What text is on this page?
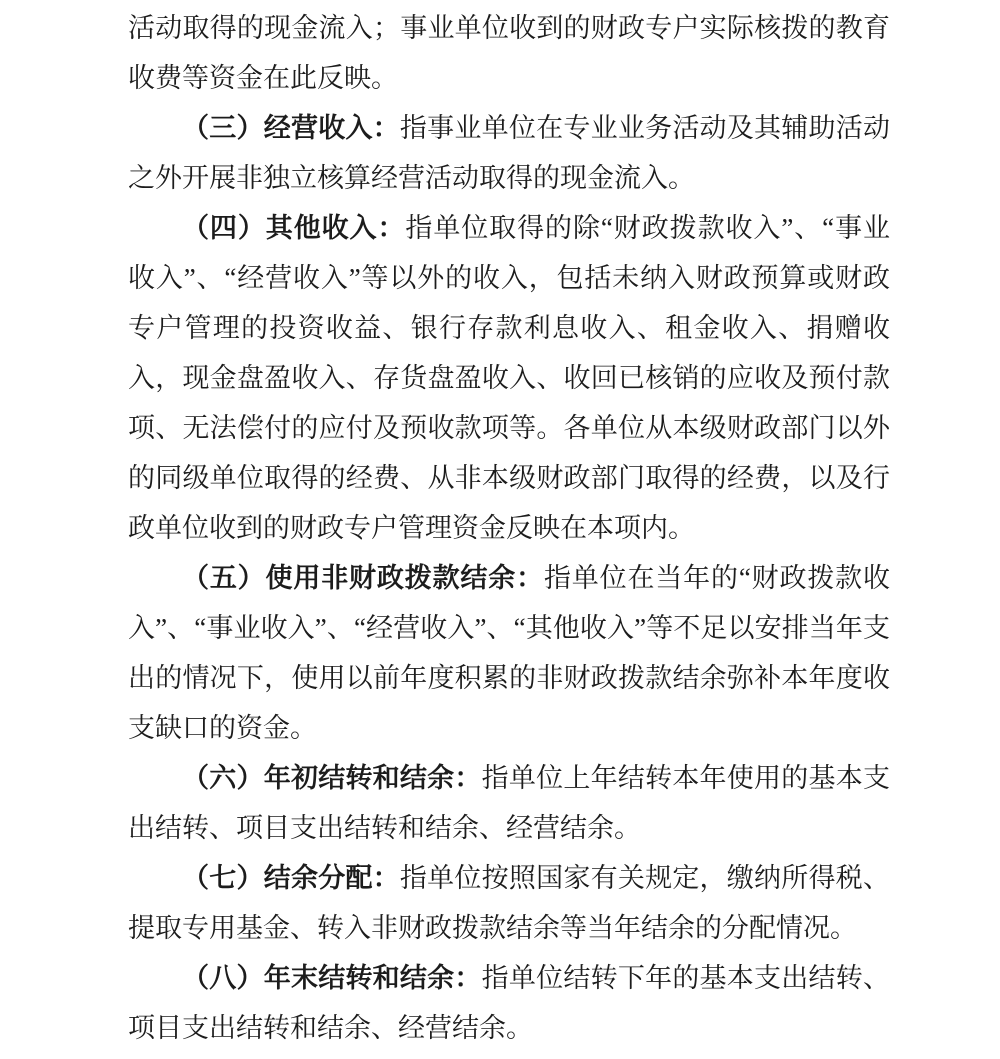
活动取得的现金流入；事业单位收到的财政专户实际核拨的教育收费等资金在此反映。

（三）经营收入：指事业单位在专业业务活动及其辅助活动之外开展非独立核算经营活动取得的现金流入。

（四）其他收入：指单位取得的除“财政拨款收入”、“事业收入”、“经营收入”等以外的收入，包括未纳入财政预算或财政专户管理的投资收益、银行存款利息收入、租金收入、捐赠收入，现金盘盈收入、存货盘盈收入、收回已核销的应收及预付款项、无法偿付的应付及预收款项等。各单位从本级财政部门以外的同级单位取得的经费、从非本级财政部门取得的经费，以及行政单位收到的财政专户管理资金反映在本项内。

（五）使用非财政拨款结余：指单位在当年的“财政拨款收入”、“事业收入”、“经营收入”、“其他收入”等不足以安排当年支出的情况下，使用以前年度积累的非财政拨款结余弥补本年度收支缺口的资金。

（六）年初结转和结余：指单位上年结转本年使用的基本支出结转、项目支出结转和结余、经营结余。

（七）结余分配：指单位按照国家有关规定，缴纳所得税、提取专用基金、转入非财政拨款结余等当年结余的分配情况。

（八）年末结转和结余：指单位结转下年的基本支出结转、项目支出结转和结余、经营结余。
